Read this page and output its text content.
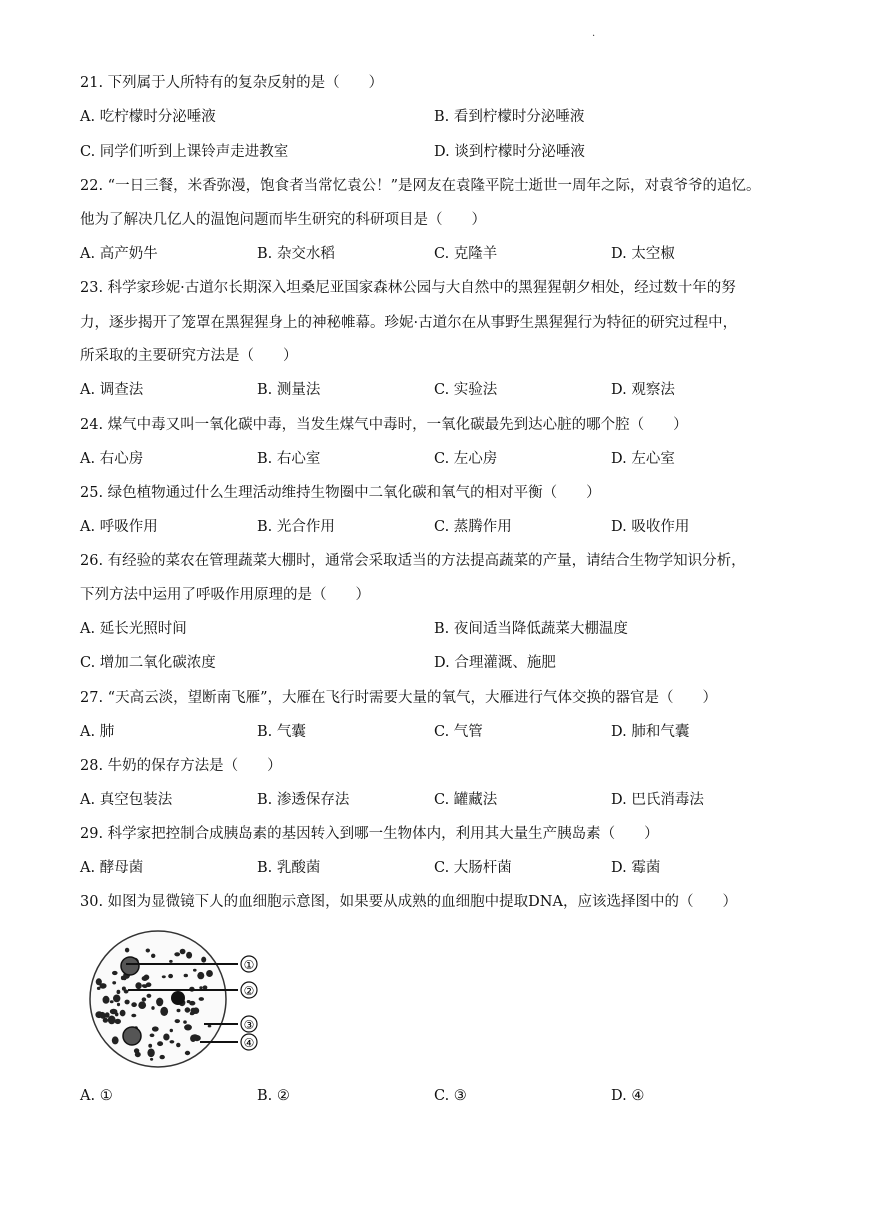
.
21. 下列属于人所特有的复杂反射的是（　　）
A. 吃柠檬时分泌唾液	B. 看到柠檬时分泌唾液
C. 同学们听到上课铃声走进教室	D. 谈到柠檬时分泌唾液
22. “一日三餐，米香弥漫，饱食者当常忆袁公！”是网友在袁隆平院士逝世一周年之际，对袁爷爷的追忆。
他为了解决几亿人的温饱问题而毕生研究的科研项目是（　　）
A. 高产奶牛	B. 杂交水稻	C. 克隆羊	D. 太空椒
23. 科学家珍妮·古道尔长期深入坦桑尼亚国家森林公园与大自然中的黑猩猩朝夕相处，经过数十年的努
力，逐步揭开了笼罩在黑猩猩身上的神秘帷幕。珍妮·古道尔在从事野生黑猩猩行为特征的研究过程中，
所采取的主要研究方法是（　　）
A. 调查法	B. 测量法	C. 实验法	D. 观察法
24. 煤气中毒又叫一氧化碳中毒，当发生煤气中毒时，一氧化碳最先到达心脏的哪个腔（　　）
A. 右心房	B. 右心室	C. 左心房	D. 左心室
25. 绿色植物通过什么生理活动维持生物圈中二氧化碳和氧气的相对平衡（　　）
A. 呼吸作用	B. 光合作用	C. 蒸腾作用	D. 吸收作用
26. 有经验的菜农在管理蔬菜大棚时，通常会采取适当的方法提高蔬菜的产量，请结合生物学知识分析，
下列方法中运用了呼吸作用原理的是（　　）
A. 延长光照时间	B. 夜间适当降低蔬菜大棚温度
C. 增加二氧化碳浓度	D. 合理灌溉、施肥
27. “天高云淡，望断南飞雁”，大雁在飞行时需要大量的氧气，大雁进行气体交换的器官是（　　）
A. 肺	B. 气囊	C. 气管	D. 肺和气囊
28. 牛奶的保存方法是（　　）
A. 真空包装法	B. 渗透保存法	C. 罐藏法	D. 巴氏消毒法
29. 科学家把控制合成胰岛素的基因转入到哪一生物体内，利用其大量生产胰岛素（　　）
A. 酵母菌	B. 乳酸菌	C. 大肠杆菌	D. 霉菌
30. 如图为显微镜下人的血细胞示意图，如果要从成熟的血细胞中提取DNA，应该选择图中的（　　）
①
②
③
④
A. ①	B. ②	C. ③	D. ④
